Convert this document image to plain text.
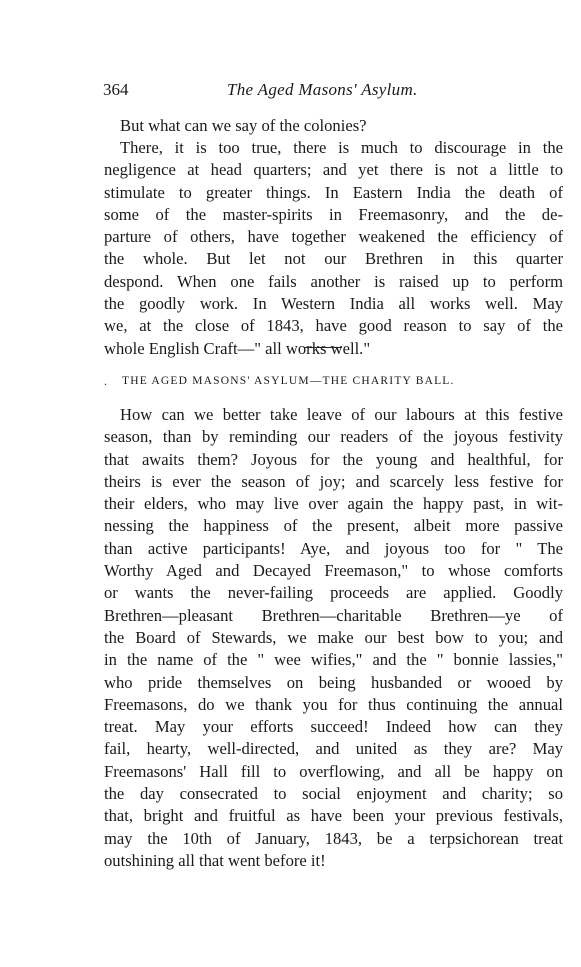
364	The Aged Masons' Asylum.

But what can we say of the colonies?

There, it is too true, there is much to discourage in the
negligence at head quarters; and yet there is not a little to
stimulate to greater things. In Eastern India the death of
some of the master-spirits in Freemasonry, and the de-
parture of others, have together weakened the efficiency of
the whole. But let not our Brethren in this quarter
despond. When one fails another is raised up to perform
the goodly work. In Western India all works well. May
we, at the close of 1843, have good reason to say of the
whole English Craft—" all works well."

. THE AGED MASONS' ASYLUM—THE CHARITY BALL.

How can we better take leave of our labours at this festive
season, than by reminding our readers of the joyous festivity
that awaits them? Joyous for the young and healthful, for
theirs is ever the season of joy; and scarcely less festive for
their elders, who may live over again the happy past, in wit-
nessing the happiness of the present, albeit more passive
than active participants! Aye, and joyous too for " The
Worthy Aged and Decayed Freemason," to whose comforts
or wants the never-failing proceeds are applied. Goodly
Brethren—pleasant Brethren—charitable Brethren—ye of
the Board of Stewards, we make our best bow to you; and
in the name of the " wee wifies," and the " bonnie lassies,"
who pride themselves on being husbanded or wooed by
Freemasons, do we thank you for thus continuing the annual
treat. May your efforts succeed! Indeed how can they
fail, hearty, well-directed, and united as they are? May
Freemasons' Hall fill to overflowing, and all be happy on
the day consecrated to social enjoyment and charity; so
that, bright and fruitful as have been your previous festivals,
may the 10th of January, 1843, be a terpsichorean treat
outshining all that went before it!
